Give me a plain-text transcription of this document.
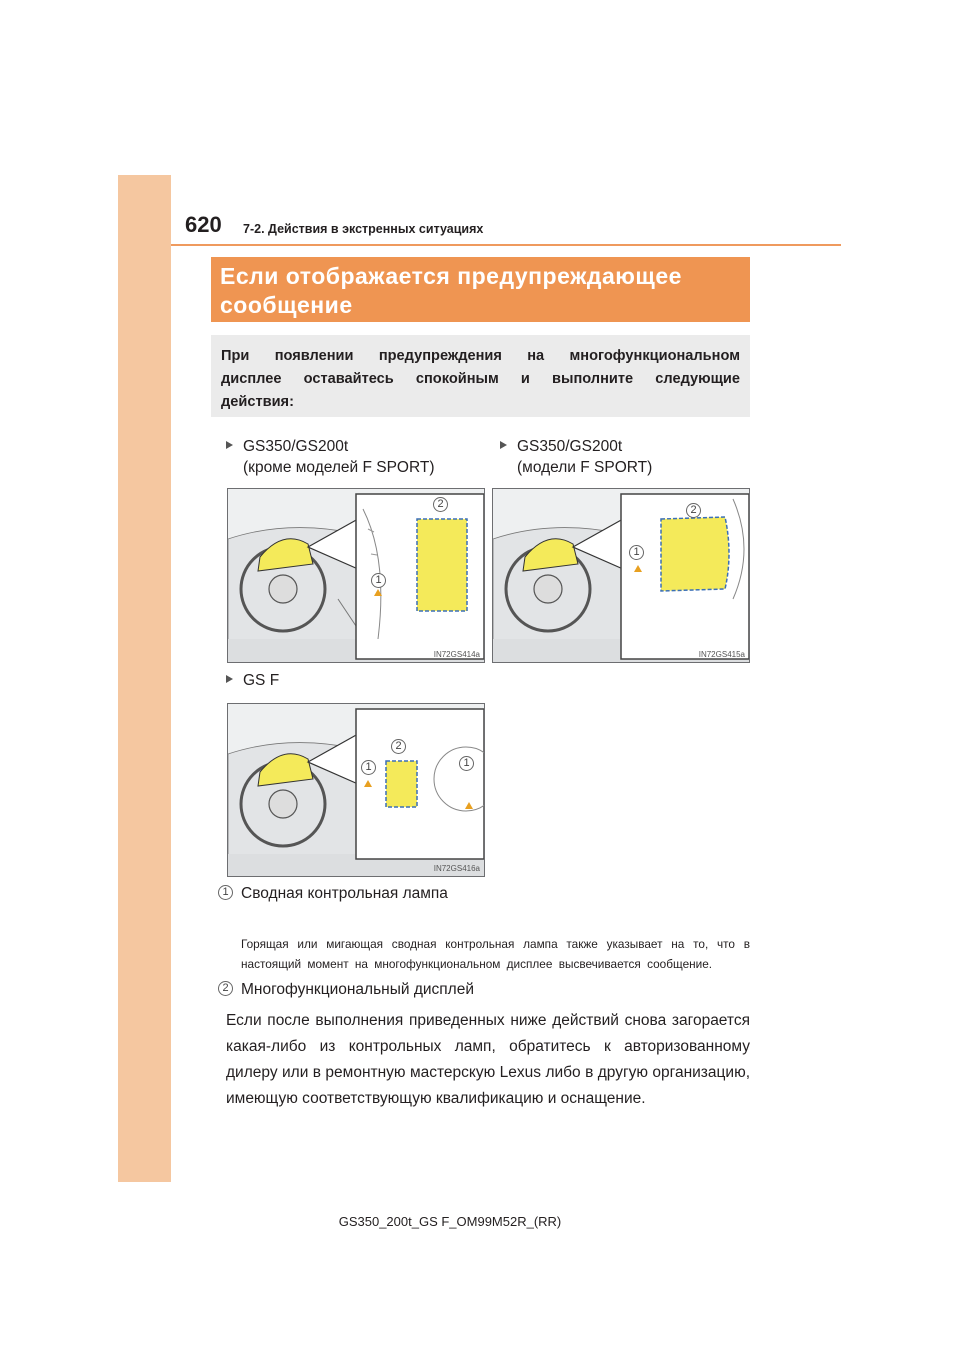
620 7-2. Действия в экстренных ситуациях
Если отображается предупреждающее сообщение
При появлении предупреждения на многофункциональном дисплее оставайтесь спокойным и выполните следующие действия:
GS350/GS200t
(кроме моделей F SPORT)
GS350/GS200t
(модели F SPORT)
2
1
IN72GS414a
2
1
IN72GS415a
GS F
2
1	1
IN72GS416a
1 Сводная контрольная лампа
Горящая или мигающая сводная контрольная лампа также указывает на то, что в настоящий момент на многофункциональном дисплее высвечивается сообщение.
2 Многофункциональный дисплей
Если после выполнения приведенных ниже действий снова загорается какая-либо из контрольных ламп, обратитесь к авторизованному дилеру или в ремонтную мастерскую Lexus либо в другую организацию, имеющую соответствующую квалификацию и оснащение.
GS350_200t_GS F_OM99M52R_(RR)
